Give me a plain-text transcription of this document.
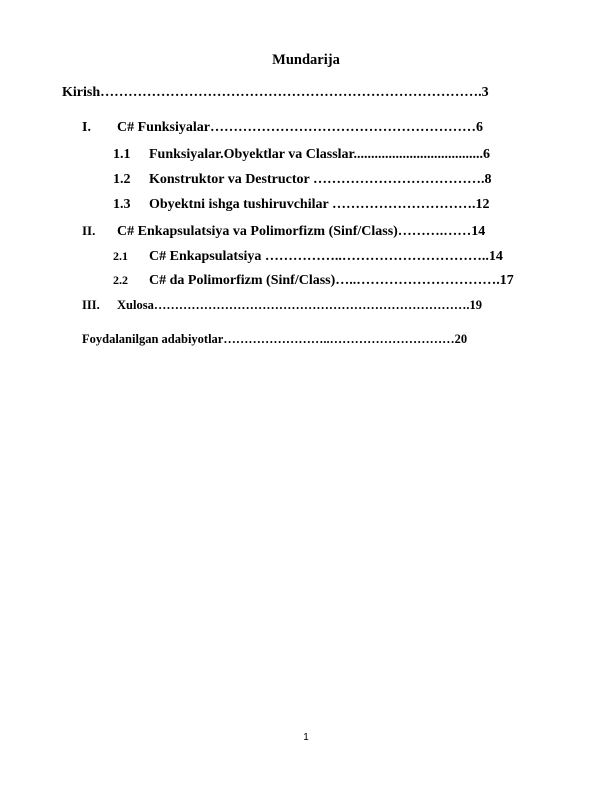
Mundarija
Kirish……………………………………………………………………….3
I. C# Funksiyalar…………………………………………………6
1.1 Funksiyalar.Obyektlar va Classlar.....................................6
1.2 Konstruktor va Destructor ……………………………….8
1.3 Obyektni ishga tushiruvchilar ………………………….12
II. C# Enkapsulatsiya va Polimorfizm (Sinf/Class)……….……14
2.1 C# Enkapsulatsiya ……………..…………………………..14
2.2 C# da Polimorfizm (Sinf/Class)…..………………………….17
III. Xulosa………………………………………………………………….19
Foydalanilgan adabiyotlar……………………..…………………………20
1
